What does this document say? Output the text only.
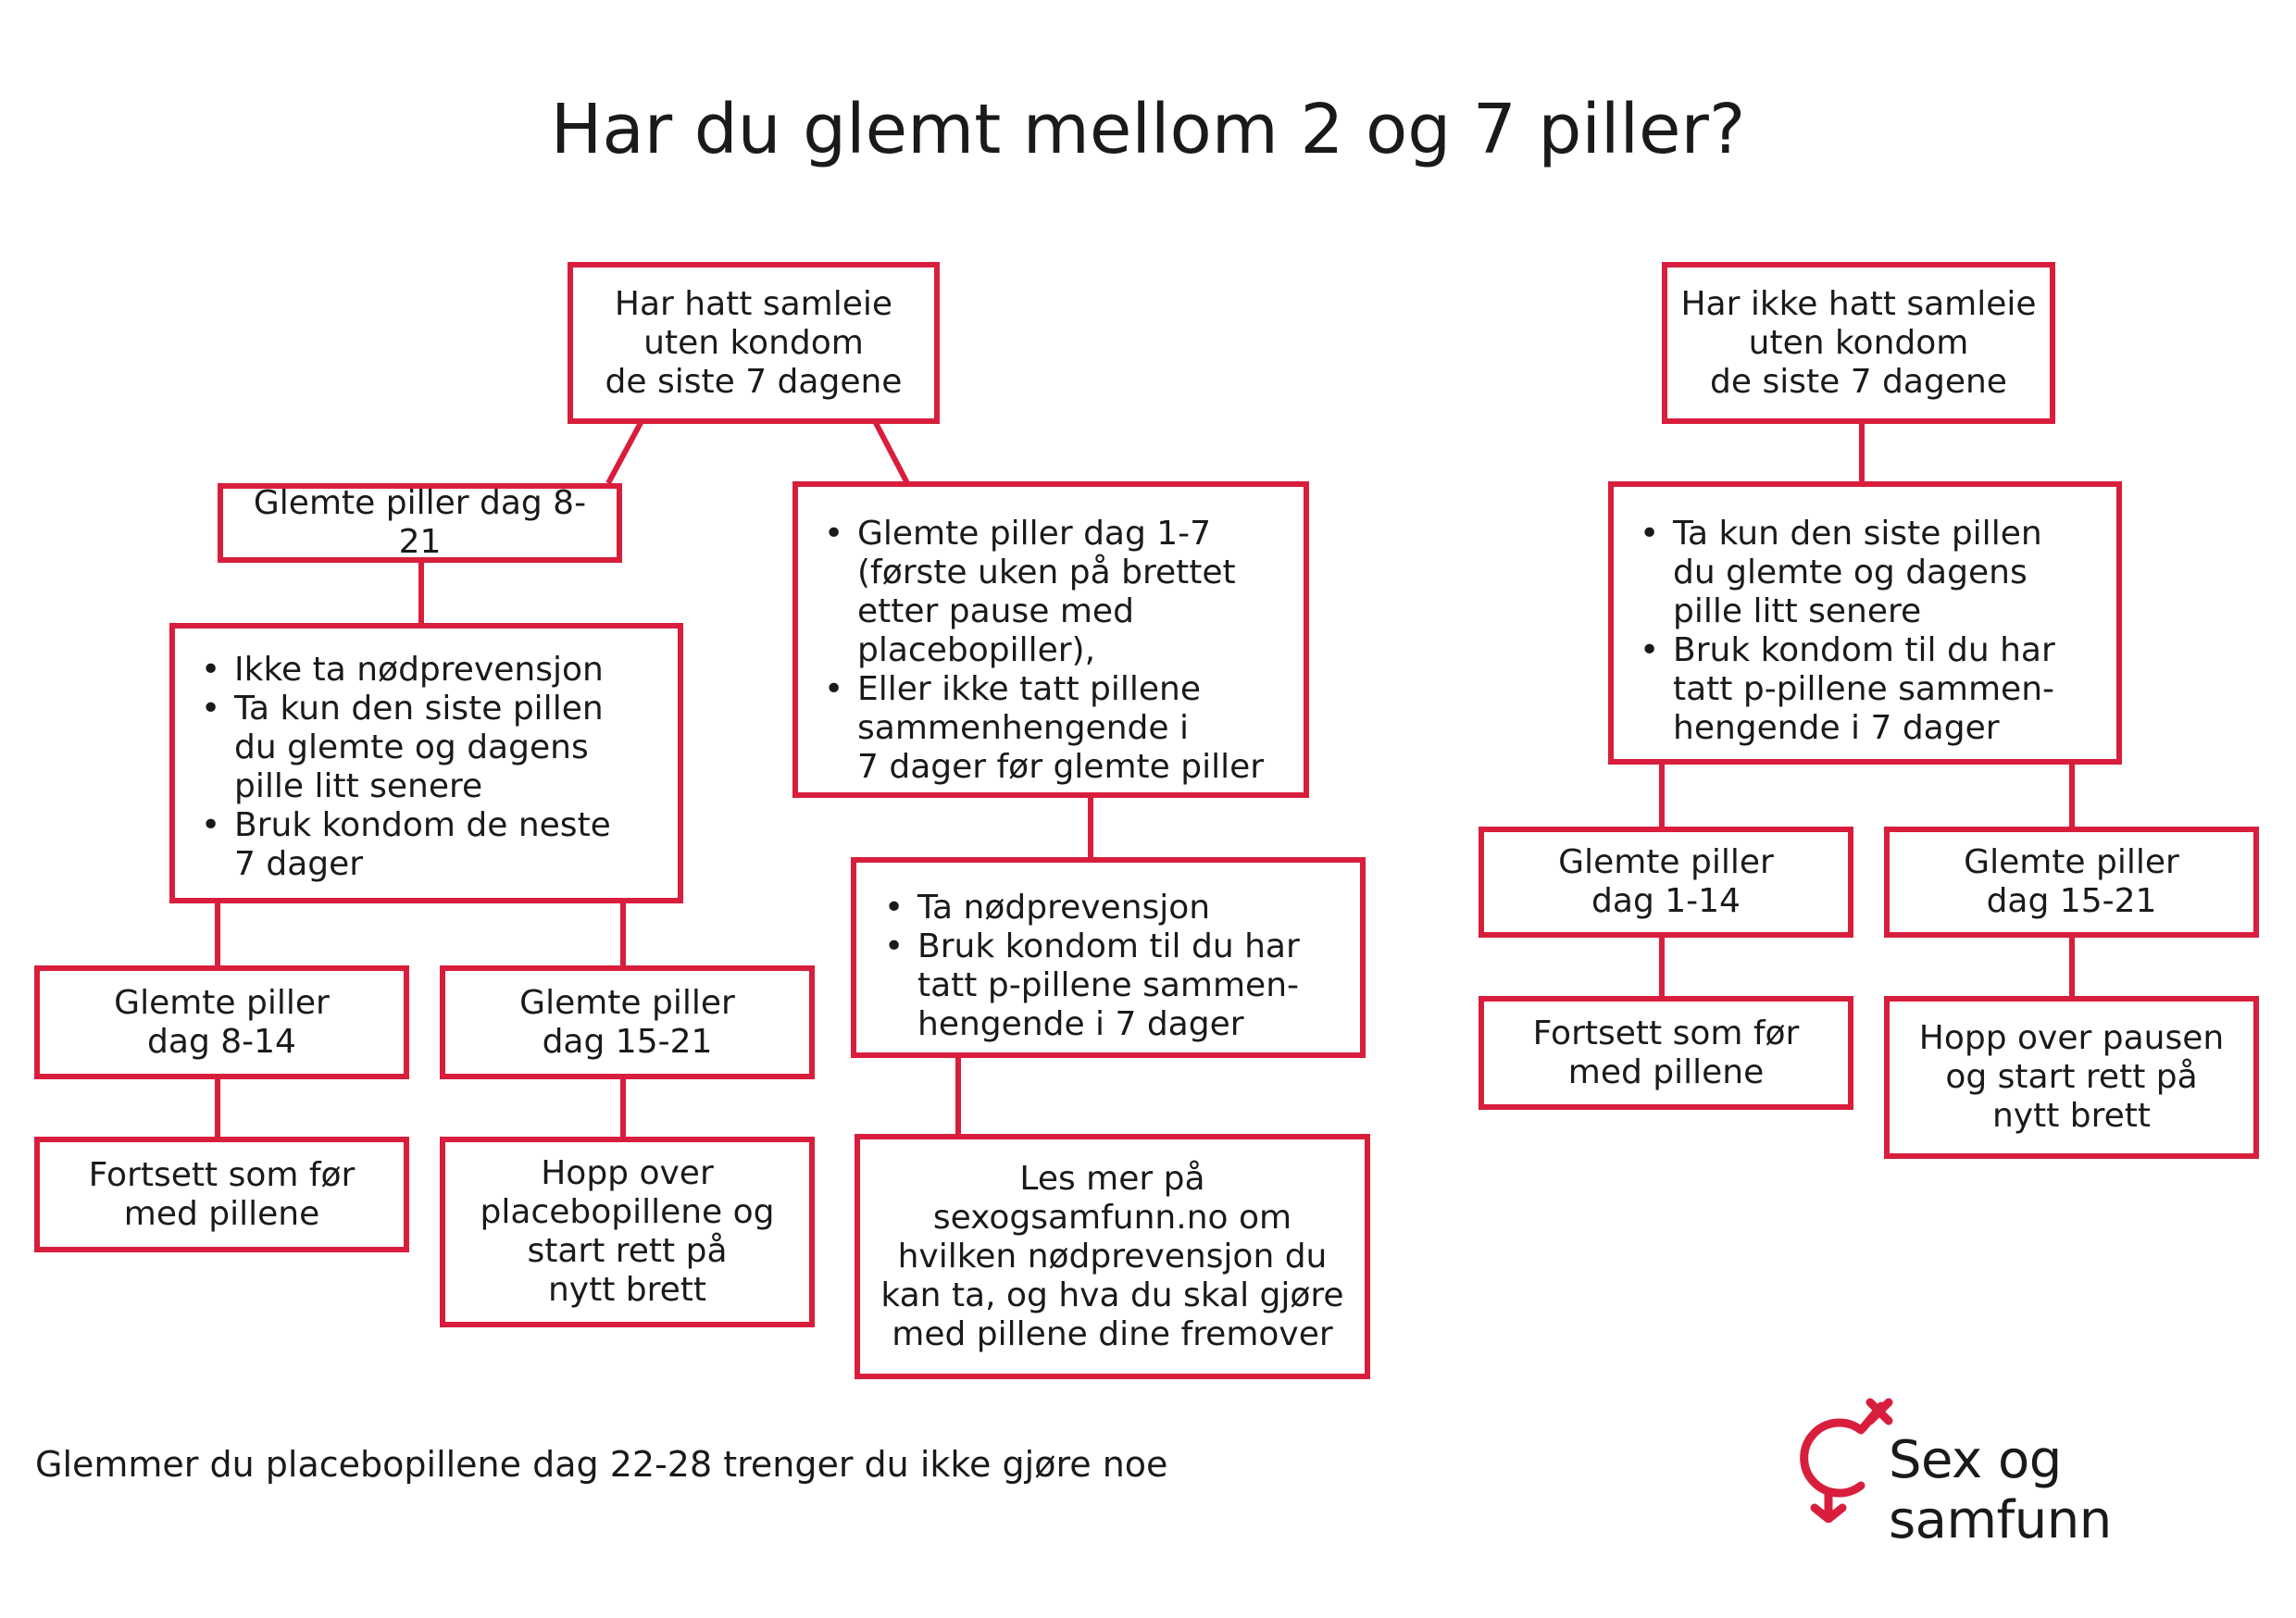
Har du glemt mellom 2 og 7 piller?
Har hatt samleie
uten kondom
de siste 7 dagene
Har ikke hatt samleie
uten kondom
de siste 7 dagene
Glemte piller dag 8-21
• Ikke ta nødprevensjon
• Ta kun den siste pillen
du glemte og dagens
pille litt senere
• Bruk kondom de neste
7 dager
Glemte piller
dag 8-14
Glemte piller
dag 15-21
Fortsett som før
med pillene
Hopp over
placebopillene og
start rett på
nytt brett
• Glemte piller dag 1-7
(første uken på brettet
etter pause med
placebopiller),
• Eller ikke tatt pillene
sammenhengende i
7 dager før glemte piller
• Ta nødprevensjon
• Bruk kondom til du har
tatt p-pillene sammen-
hengende i 7 dager
Les mer på
sexogsamfunn.no om
hvilken nødprevensjon du
kan ta, og hva du skal gjøre
med pillene dine fremover
• Ta kun den siste pillen
du glemte og dagens
pille litt senere
• Bruk kondom til du har
tatt p-pillene sammen-
hengende i 7 dager
Glemte piller
dag 1-14
Glemte piller
dag 15-21
Fortsett som før
med pillene
Hopp over pausen
og start rett på
nytt brett
Glemmer du placebopillene dag 22-28 trenger du ikke gjøre noe	Sex og samfunn
